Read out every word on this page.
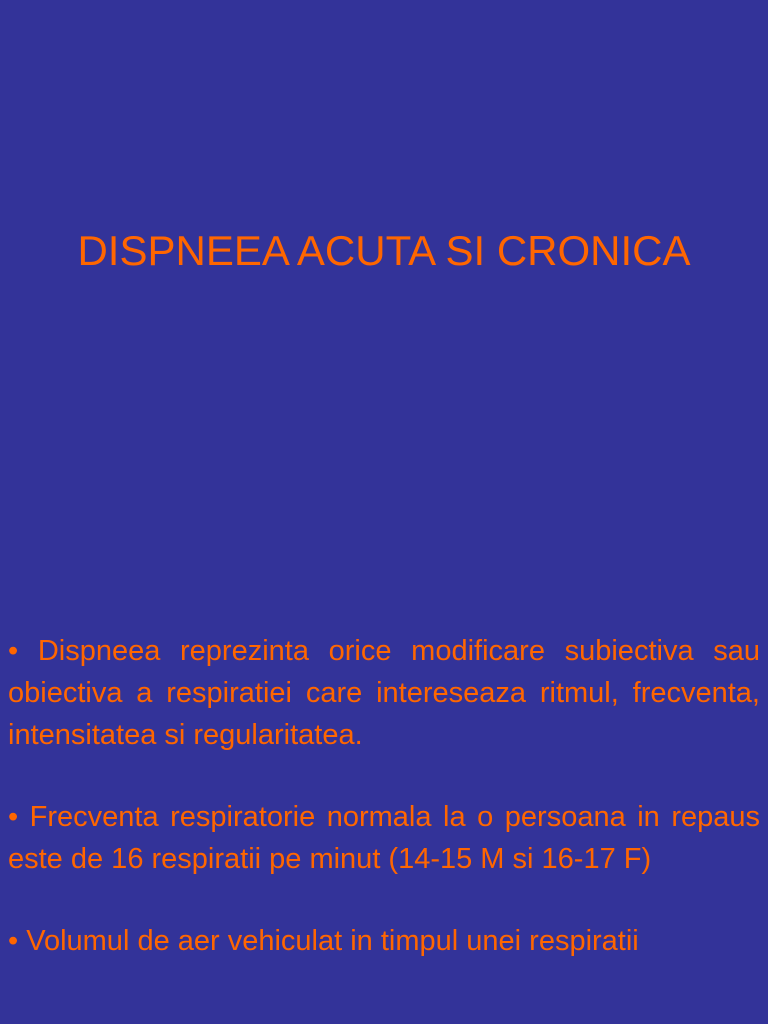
DISPNEEA ACUTA SI CRONICA
• Dispneea reprezinta orice modificare subiectiva sau obiectiva a respiratiei care intereseaza ritmul, frecventa, intensitatea si regularitatea.
• Frecventa respiratorie normala la o persoana in repaus este de 16 respiratii pe minut (14-15 M si 16-17 F)
• Volumul de aer vehiculat in timpul unei respiratii
